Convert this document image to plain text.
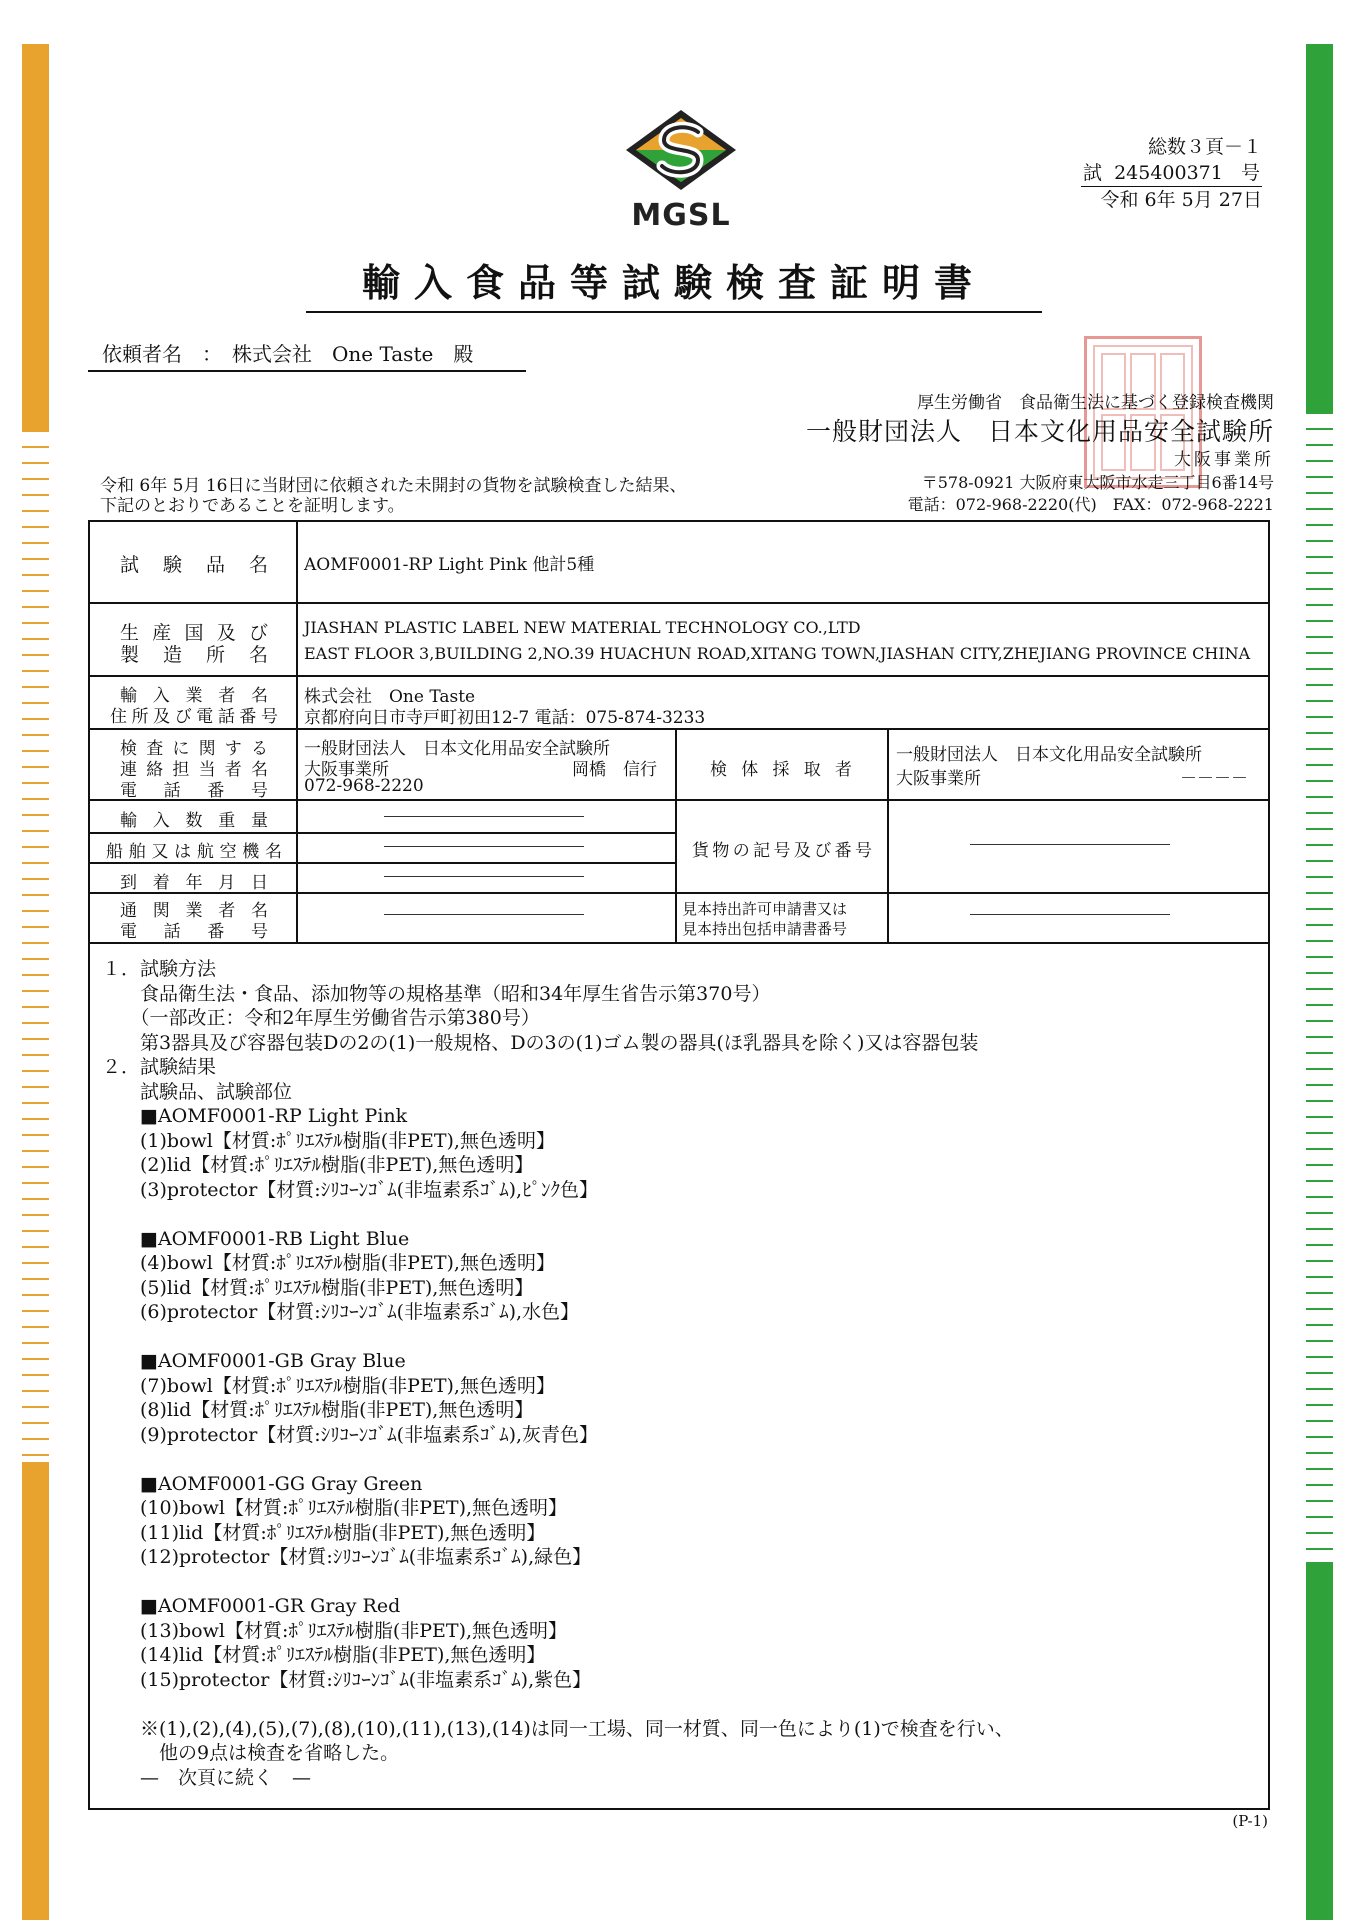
MGSL
総数３頁－１
試 245400371 号
令和 6年 5月 27日
輸入食品等試験検査証明書
依頼者名　：　株式会社　One Taste　殿
厚生労働省　食品衛生法に基づく登録検査機関
一般財団法人　日本文化用品安全試験所
大阪事業所
〒578-0921 大阪府東大阪市水走三丁目6番14号
電話：072-968-2220(代)　FAX：072-968-2221
令和 6年 5月 16日に当財団に依頼された未開封の貨物を試験検査した結果、
下記のとおりであることを証明します。
試験品名 AOMF0001-RP Light Pink 他計5種
生産国及び
製造所名
JIASHAN PLASTIC LABEL NEW MATERIAL TECHNOLOGY CO.,LTD
EAST FLOOR 3,BUILDING 2,NO.39 HUACHUN ROAD,XITANG TOWN,JIASHAN CITY,ZHEJIANG PROVINCE CHINA
輸入業者名
住所及び電話番号
株式会社　One Taste
京都府向日市寺戸町初田12-7 電話：075-874-3233
検査に関する
連絡担当者名
電話番号
一般財団法人　日本文化用品安全試験所
大阪事業所	岡橋　信行
072-968-2220
検体採取者
一般財団法人　日本文化用品安全試験所
大阪事業所	－－－－
輸入数重量
船舶又は航空機名
到着年月日
貨物の記号及び番号
通関業者名
電話番号
見本持出許可申請書又は
見本持出包括申請書番号
１．試験方法
　　食品衛生法・食品、添加物等の規格基準（昭和34年厚生省告示第370号）
　　（一部改正：令和2年厚生労働省告示第380号）
　　第3器具及び容器包装Dの2の(1)一般規格、Dの3の(1)ゴム製の器具(ほ乳器具を除く)又は容器包装
２．試験結果
　　試験品、試験部位
　　■AOMF0001-RP Light Pink
　　(1)bowl【材質:ﾎﾟﾘｴｽﾃﾙ樹脂(非PET),無色透明】
　　(2)lid【材質:ﾎﾟﾘｴｽﾃﾙ樹脂(非PET),無色透明】
　　(3)protector【材質:ｼﾘｺｰﾝｺﾞﾑ(非塩素系ｺﾞﾑ),ﾋﾟﾝｸ色】
　　■AOMF0001-RB Light Blue
　　(4)bowl【材質:ﾎﾟﾘｴｽﾃﾙ樹脂(非PET),無色透明】
　　(5)lid【材質:ﾎﾟﾘｴｽﾃﾙ樹脂(非PET),無色透明】
　　(6)protector【材質:ｼﾘｺｰﾝｺﾞﾑ(非塩素系ｺﾞﾑ),水色】
　　■AOMF0001-GB Gray Blue
　　(7)bowl【材質:ﾎﾟﾘｴｽﾃﾙ樹脂(非PET),無色透明】
　　(8)lid【材質:ﾎﾟﾘｴｽﾃﾙ樹脂(非PET),無色透明】
　　(9)protector【材質:ｼﾘｺｰﾝｺﾞﾑ(非塩素系ｺﾞﾑ),灰青色】
　　■AOMF0001-GG Gray Green
　　(10)bowl【材質:ﾎﾟﾘｴｽﾃﾙ樹脂(非PET),無色透明】
　　(11)lid【材質:ﾎﾟﾘｴｽﾃﾙ樹脂(非PET),無色透明】
　　(12)protector【材質:ｼﾘｺｰﾝｺﾞﾑ(非塩素系ｺﾞﾑ),緑色】
　　■AOMF0001-GR Gray Red
　　(13)bowl【材質:ﾎﾟﾘｴｽﾃﾙ樹脂(非PET),無色透明】
　　(14)lid【材質:ﾎﾟﾘｴｽﾃﾙ樹脂(非PET),無色透明】
　　(15)protector【材質:ｼﾘｺｰﾝｺﾞﾑ(非塩素系ｺﾞﾑ),紫色】
　　※(1),(2),(4),(5),(7),(8),(10),(11),(13),(14)は同一工場、同一材質、同一色により(1)で検査を行い、
　　　他の9点は検査を省略した。
　　—　次頁に続く　—
(P-1)
